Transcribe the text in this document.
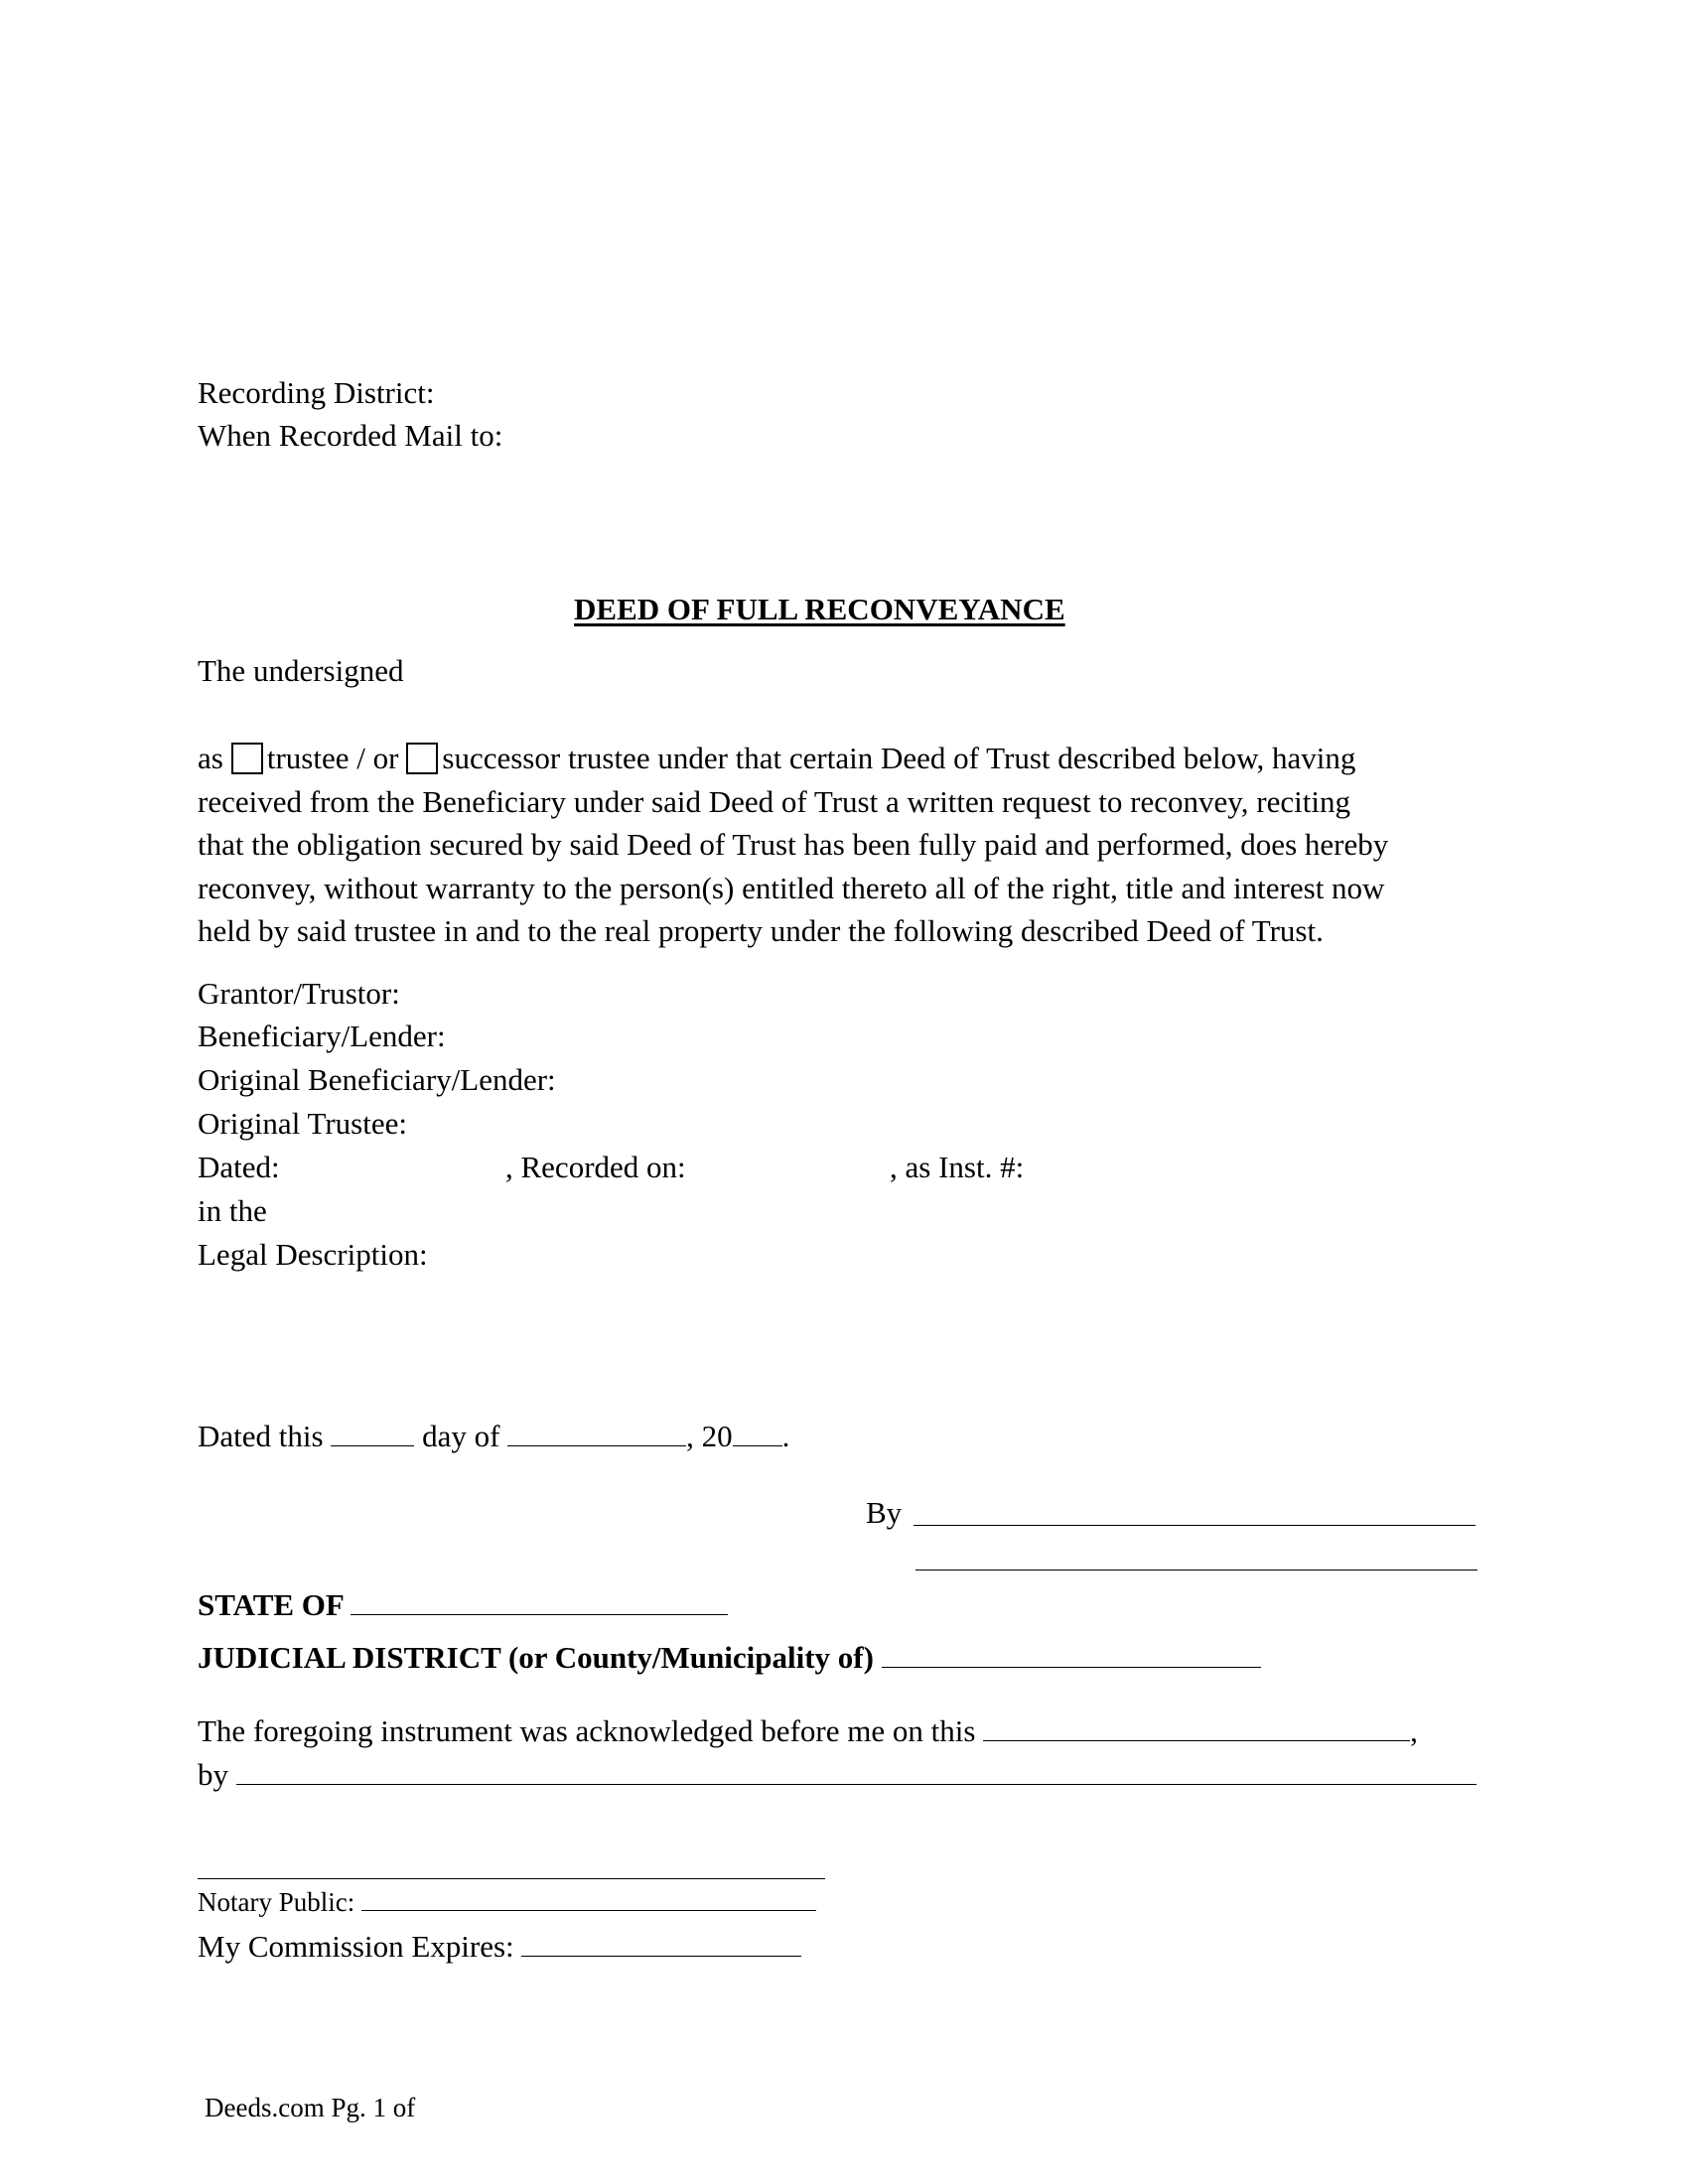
Recording District:
When Recorded Mail to:
DEED OF FULL RECONVEYANCE
The undersigned

as trustee / or successor trustee under that certain Deed of Trust described below, having

received from the Beneficiary under said Deed of Trust a written request to reconvey, reciting

that the obligation secured by said Deed of Trust has been fully paid and performed, does hereby

reconvey, without warranty to the person(s) entitled thereto all of the right, title and interest now

held by said trustee in and to the real property under the following described Deed of Trust.

Grantor/Trustor:
Beneficiary/Lender:
Original Beneficiary/Lender:
Original Trustee:
Dated:	, Recorded on:	, as Inst. #:
in the
Legal Description:
Dated this	day of	, 20 .
By
STATE OF
JUDICIAL DISTRICT (or County/Municipality of)
The foregoing instrument was acknowledged before me on this	,
by
Notary Public:
My Commission Expires:
Deeds.com Pg. 1 of
